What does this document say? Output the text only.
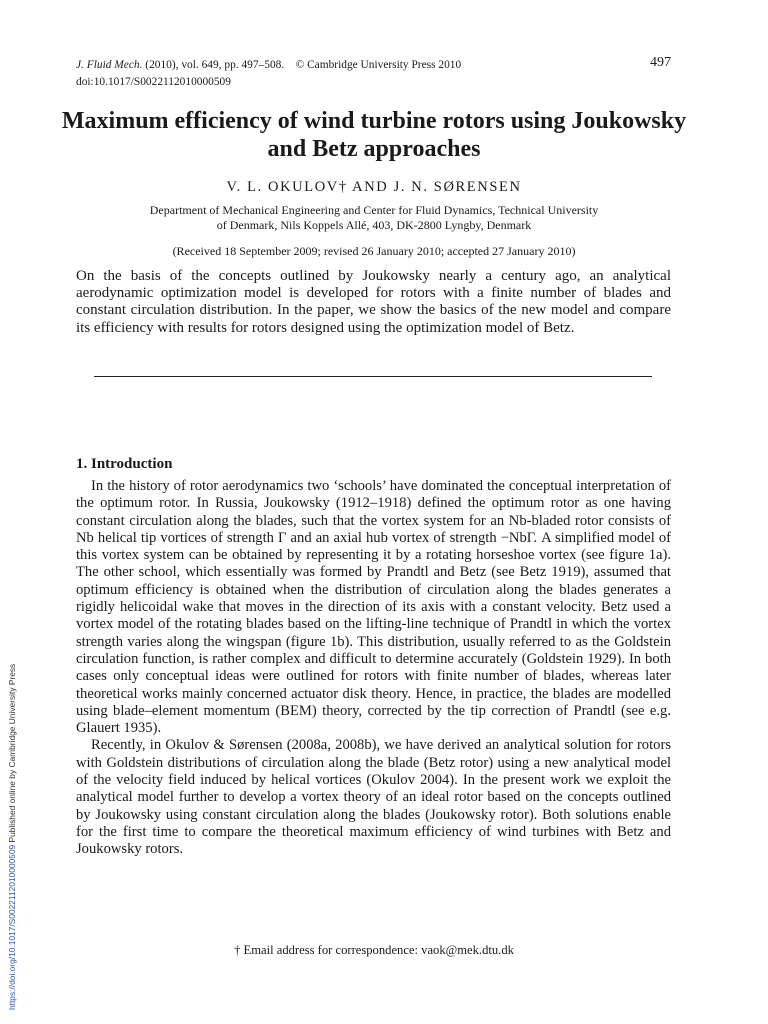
J. Fluid Mech. (2010), vol. 649, pp. 497–508. © Cambridge University Press 2010
doi:10.1017/S0022112010000509
497
Maximum efficiency of wind turbine rotors using Joukowsky and Betz approaches
V. L. OKULOV† AND J. N. SØRENSEN
Department of Mechanical Engineering and Center for Fluid Dynamics, Technical University
of Denmark, Nils Koppels Allé, 403, DK-2800 Lyngby, Denmark
(Received 18 September 2009; revised 26 January 2010; accepted 27 January 2010)
On the basis of the concepts outlined by Joukowsky nearly a century ago, an analytical aerodynamic optimization model is developed for rotors with a finite number of blades and constant circulation distribution. In the paper, we show the basics of the new model and compare its efficiency with results for rotors designed using the optimization model of Betz.
1. Introduction

In the history of rotor aerodynamics two ‘schools’ have dominated the conceptual interpretation of the optimum rotor. In Russia, Joukowsky (1912–1918) defined the optimum rotor as one having constant circulation along the blades, such that the vortex system for an Nb-bladed rotor consists of Nb helical tip vortices of strength Γ and an axial hub vortex of strength −NbΓ. A simplified model of this vortex system can be obtained by representing it by a rotating horseshoe vortex (see figure 1a). The other school, which essentially was formed by Prandtl and Betz (see Betz 1919), assumed that optimum efficiency is obtained when the distribution of circulation along the blades generates a rigidly helicoidal wake that moves in the direction of its axis with a constant velocity. Betz used a vortex model of the rotating blades based on the lifting-line technique of Prandtl in which the vortex strength varies along the wingspan (figure 1b). This distribution, usually referred to as the Goldstein circulation function, is rather complex and difficult to determine accurately (Goldstein 1929). In both cases only conceptual ideas were outlined for rotors with finite number of blades, whereas later theoretical works mainly concerned actuator disk theory. Hence, in practice, the blades are modelled using blade–element momentum (BEM) theory, corrected by the tip correction of Prandtl (see e.g. Glauert 1935).

Recently, in Okulov & Sørensen (2008a, 2008b), we have derived an analytical solution for rotors with Goldstein distributions of circulation along the blade (Betz rotor) using a new analytical model of the velocity field induced by helical vortices (Okulov 2004). In the present work we exploit the analytical model further to develop a vortex theory of an ideal rotor based on the concepts outlined by Joukowsky using constant circulation along the blades (Joukowsky rotor). Both solutions enable for the first time to compare the theoretical maximum efficiency of wind turbines with Betz and Joukowsky rotors.

† Email address for correspondence: vaok@mek.dtu.dk
https://doi.org/10.1017/S0022112010000509 Published online by Cambridge University Press
